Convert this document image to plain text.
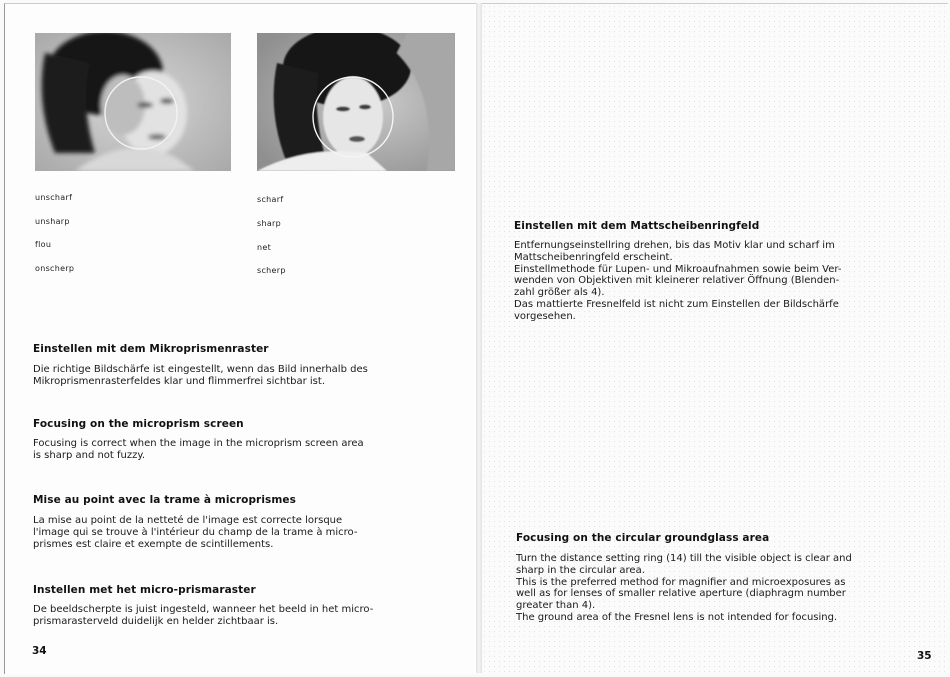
unscharf
unsharp
flou
onscherp
scharf
sharp
net
scherp
Einstellen mit dem Mikroprismenraster
Die richtige Bildschärfe ist eingestellt, wenn das Bild innerhalb des
Mikroprismenrasterfeldes klar und flimmerfrei sichtbar ist.
Focusing on the microprism screen
Focusing is correct when the image in the microprism screen area
is sharp and not fuzzy.
Mise au point avec la trame à microprismes
La mise au point de la netteté de l'image est correcte lorsque
l'image qui se trouve à l'intérieur du champ de la trame à micro-
prismes est claire et exempte de scintillements.
Instellen met het micro-prismaraster
De beeldscherpte is juist ingesteld, wanneer het beeld in het micro-
prismarasterveld duidelijk en helder zichtbaar is.
34
Einstellen mit dem Mattscheibenringfeld
Entfernungseinstellring drehen, bis das Motiv klar und scharf im
Mattscheibenringfeld erscheint.
Einstellmethode für Lupen- und Mikroaufnahmen sowie beim Ver-
wenden von Objektiven mit kleinerer relativer Öffnung (Blenden-
zahl größer als 4).
Das mattierte Fresnelfeld ist nicht zum Einstellen der Bildschärfe
vorgesehen.
Focusing on the circular groundglass area
Turn the distance setting ring (14) till the visible object is clear and
sharp in the circular area.
This is the preferred method for magnifier and microexposures as
well as for lenses of smaller relative aperture (diaphragm number
greater than 4).
The ground area of the Fresnel lens is not intended for focusing.
35
